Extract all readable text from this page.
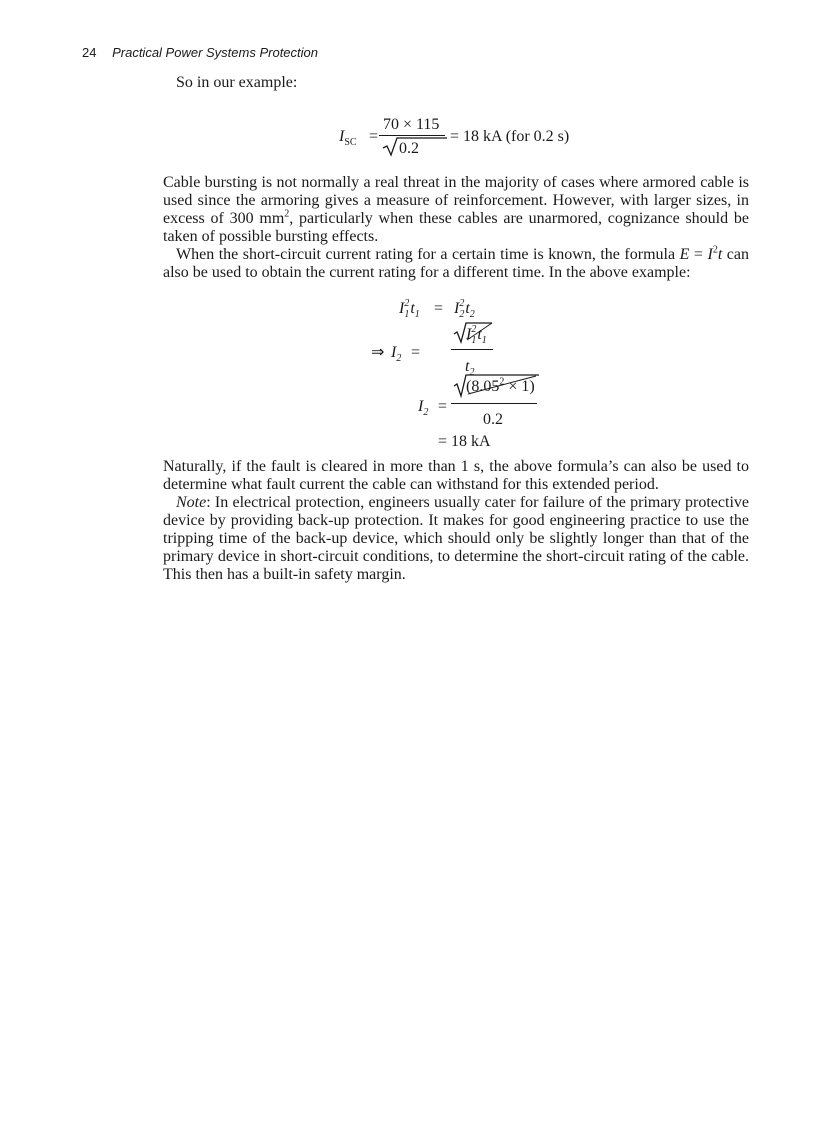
24 Practical Power Systems Protection

So in our example:

$I_{SC}$ =
70 × 115
0.2
= 18 kA (for 0.2 s)

Cable bursting is not normally a real threat in the majority of cases where armored cable is used since the armoring gives a measure of reinforcement. However, with larger sizes, in excess of 300 $mm^2$, particularly when these cables are unarmored, cognizance should be taken of possible bursting effects.

When the short-circuit current rating for a certain time is known, the formula $E = I^2t$ can also be used to obtain the current rating for a different time. In the above example:

I $_{2 1}t_1 = I$ $_{2 2}t_2$
⇒ $I_2$ =
I $_{2 1}t_1$
$t_2$
$I_2$ =
$(8.05^2 \times 1)$
0.2
= 18 kA

Naturally, if the fault is cleared in more than 1 s, the above formula’s can also be used to determine what fault current the cable can withstand for this extended period.

Note: In electrical protection, engineers usually cater for failure of the primary protective device by providing back-up protection. It makes for good engineering practice to use the tripping time of the back-up device, which should only be slightly longer than that of the primary device in short-circuit conditions, to determine the short-circuit rating of the cable. This then has a built-in safety margin.
